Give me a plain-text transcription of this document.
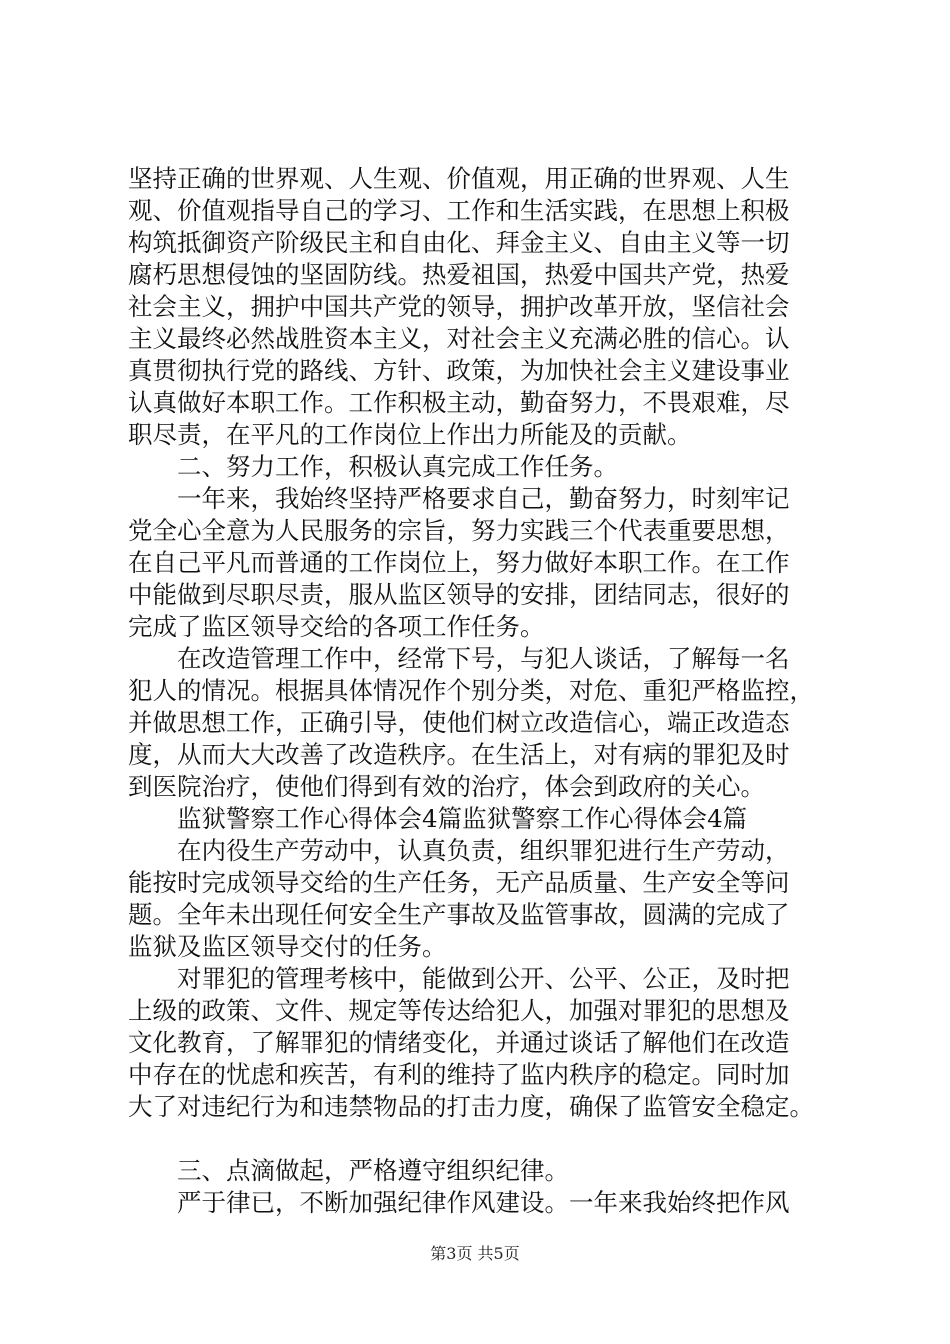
坚持正确的世界观、人生观、价值观，用正确的世界观、人生
观、价值观指导自己的学习、工作和生活实践，在思想上积极
构筑抵御资产阶级民主和自由化、拜金主义、自由主义等一切
腐朽思想侵蚀的坚固防线。热爱祖国，热爱中国共产党，热爱
社会主义，拥护中国共产党的领导，拥护改革开放，坚信社会
主义最终必然战胜资本主义，对社会主义充满必胜的信心。认
真贯彻执行党的路线、方针、政策，为加快社会主义建设事业
认真做好本职工作。工作积极主动，勤奋努力，不畏艰难，尽
职尽责，在平凡的工作岗位上作出力所能及的贡献。
　　二、努力工作，积极认真完成工作任务。
　　一年来，我始终坚持严格要求自己，勤奋努力，时刻牢记
党全心全意为人民服务的宗旨，努力实践三个代表重要思想，
在自己平凡而普通的工作岗位上，努力做好本职工作。在工作
中能做到尽职尽责，服从监区领导的安排，团结同志，很好的
完成了监区领导交给的各项工作任务。
　　在改造管理工作中，经常下号，与犯人谈话，了解每一名
犯人的情况。根据具体情况作个别分类，对危、重犯严格监控，
并做思想工作，正确引导，使他们树立改造信心，端正改造态
度，从而大大改善了改造秩序。在生活上，对有病的罪犯及时
到医院治疗，使他们得到有效的治疗，体会到政府的关心。
　　监狱警察工作心得体会4篇监狱警察工作心得体会4篇
　　在内役生产劳动中，认真负责，组织罪犯进行生产劳动，
能按时完成领导交给的生产任务，无产品质量、生产安全等问
题。全年未出现任何安全生产事故及监管事故，圆满的完成了
监狱及监区领导交付的任务。
　　对罪犯的管理考核中，能做到公开、公平、公正，及时把
上级的政策、文件、规定等传达给犯人，加强对罪犯的思想及
文化教育，了解罪犯的情绪变化，并通过谈话了解他们在改造
中存在的忧虑和疾苦，有利的维持了监内秩序的稳定。同时加
大了对违纪行为和违禁物品的打击力度，确保了监管安全稳定。
　　三、点滴做起，严格遵守组织纪律。
　　严于律已，不断加强纪律作风建设。一年来我始终把作风
第3页 共5页
